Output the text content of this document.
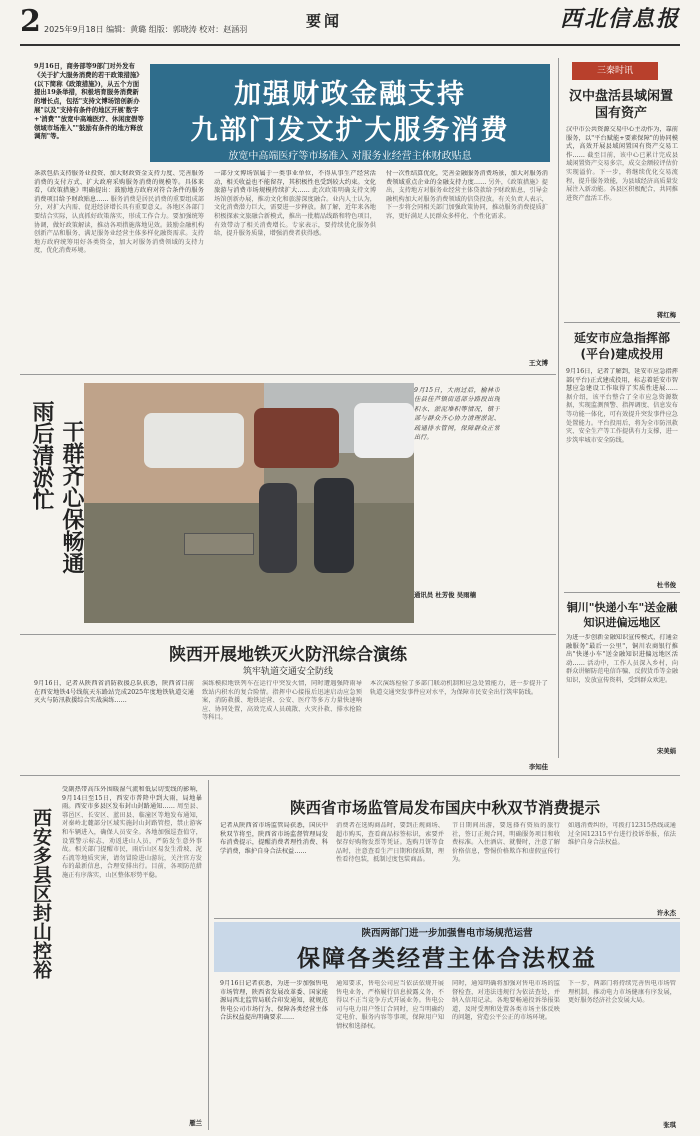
2 2025年9月18日 编辑：黄璐 组版：郭晓涛 校对：赵涵羽	要闻	西北信息报
9月16日，商务部等9部门对外发布《关于扩大服务消费的若干政策措施》(以下简称《政策措施》)，从五个方面提出19条举措，积极培育服务消费新的增长点，包括"支持文博场馆创新办展"以及"支持有条件的地区开展'数字+'消费""放宽中高端医疗、休闲度假等领域市场准入""鼓励有条件的地方释放调剂"等。
加强财政金融支持
九部门发文扩大服务消费
放宽中高端医疗等市场准入 对服务业经营主体财政贴息
条款包括支持服务业投资、加大财政资金支持力度、完善服务消费的支付方式、扩大政府采购服务消费的规模等。具体来看，《政策措施》明确提出：鼓励地方政府对符合条件的服务消费项目给予财政贴息…… 服务消费是居民消费的重要组成部分，对扩大内需、促进经济增长具有重要意义。各地区各部门要结合实际，认真抓好政策落实，形成工作合力。要加强统筹协调，做好政策解读，推动各项措施落地见效。鼓励金融机构创新产品和服务，满足服务业经营主体多样化融资需求。支持地方政府统筹用好各类资金，加大对服务消费领域的支持力度，优化消费环境。
一部分文博场馆属于一类事业单位，不得从事生产经营活动，相关收益也不能留存，其积极性也受到较大约束。文化旅游与消费市场规模持续扩大…… 此次政策明确支持文博场馆创新办展，推动文化和旅游深度融合。业内人士认为，文化消费潜力巨大，需要进一步释放。据了解，近年来各地积极探索文旅融合新模式，推出一批精品线路和特色项目，有效带动了相关消费增长。专家表示，要持续优化服务供给，提升服务质量，增强消费者获得感。
付一次性结算优化，完善金融服务消费场景，加大对服务消费领域重点企业的金融支持力度…… 另外，《政策措施》提出，支持地方对服务业经营主体贷款给予财政贴息，引导金融机构加大对服务消费领域的信贷投放。有关负责人表示，下一步将会同相关部门加强政策协同，推动服务消费提质扩容，更好满足人民群众多样化、个性化需求。
王文博
三秦时讯
汉中盘活县域闲置国有资产
汉中市公共资源交易中心主动作为，靠前服务，以"平台赋能+要素保障"的协同模式，高效开展县域闲置国有资产交易工作…… 截至目前，该中心已累计完成县域闲置资产交易多宗，成交金额较评估价实现溢价。下一步，将继续优化交易流程，提升服务效能，为县域经济高质量发展注入新动能。各县区积极配合，共同推进资产盘活工作。
蒋红梅
延安市应急指挥部(平台)建成投用
9月16日，记者了解到，延安市应急指挥部(平台)正式建成投用，标志着延安市智慧应急建设工作取得了实质性进展…… 据介绍，该平台整合了全市应急资源数据，实现监测预警、指挥调度、信息发布等功能一体化，可有效提升突发事件应急处置能力。平台投用后，将为全市防汛救灾、安全生产等工作提供有力支撑，进一步筑牢城市安全防线。
杜书俊
铜川"快递小车"送金融知识进偏远地区
为进一步创新金融知识宣传模式，打通金融服务"最后一公里"，铜川农商银行推出"快递小车"送金融知识进偏远地区活动…… 活动中，工作人员深入乡村，向群众讲解防范电信诈骗、反假货币等金融知识，发放宣传资料，受到群众欢迎。
宋美娟
雨后清淤忙 干群齐心保畅通
9月15日，大雨过后，榆林市佳县佳芦镇街道部分路段出现积水、淤泥堆积等情况，镇干部与群众齐心协力清理淤泥、疏通排水管网，保障群众正常出行。
通讯员 杜芳俊 吴雨楠
陕西开展地铁灭火防汛综合演练
筑牢轨道交通安全防线
9月16日，记者从陕西省消防救援总队获悉，陕西省目前在西安地铁4号线航天东路站完成2025年度地铁轨道交通灭火与防汛救援综合实战演练……
演练模拟地铁列车在运行中突发火情，同时遭遇强降雨导致站内积水的复合险情。指挥中心接报后迅速启动应急预案，消防救援、地铁运营、公安、医疗等多方力量快速响应、协同处置，高效完成人员疏散、火灾扑救、排水抢险等科目。
本次演练检验了多部门联动机制和应急处置能力，进一步提升了轨道交通突发事件应对水平，为保障市民安全出行筑牢防线。
李知佳
西安多县区封山控裕
受副热带高压外围暖湿气流和低层切变线的影响，9月14日至15日，西安市普降中到大雨，局地暴雨。西安市多县区发布封山封路通知…… 周至县、鄠邑区、长安区、蓝田县、临潼区等地发布通知，对秦岭北麓部分区域实施封山封路管控，禁止游客和车辆进入，确保人员安全。各地加强巡查值守，设置警示标志，劝返进山人员，严防发生意外事故。相关部门提醒市民，雨后山区易发生滑坡、泥石流等地质灾害，请勿冒险进山游玩，关注官方发布的最新信息，合理安排出行。目前，各项防范措施正有序落实，山区整体形势平稳。
雁兰
陕西省市场监管局发布国庆中秋双节消费提示
记者从陕西省市场监管局获悉，国庆中秋双节将至，陕西省市场监督管理局发布消费提示，提醒消费者理性消费、科学消费，维护自身合法权益……
消费者在选购商品时，要到正规商场、超市购买，查看商品标签标识，索要并保存好购物发票等凭证。选购月饼等食品时，注意查看生产日期和保质期，理性看待包装，抵制过度包装商品。
节日期间出游，要选择有资质的旅行社，签订正规合同，明确服务项目和收费标准。入住酒店、就餐时，注意了解价格信息，警惕价格欺诈和虚假宣传行为。
如遇消费纠纷，可拨打12315热线或通过全国12315平台进行投诉举报，依法维护自身合法权益。
许永杰
陕西两部门进一步加强售电市场规范运营
保障各类经营主体合法权益
9月16日记者获悉，为进一步加强售电市场管理，陕西省发展改革委、国家能源局西北监管局联合印发通知，就规范售电公司市场行为、保障各类经营主体合法权益提出明确要求……
通知要求，售电公司应当依法依规开展售电业务，严格履行信息披露义务，不得以不正当竞争方式开展业务。售电公司与电力用户签订合同时，应当明确约定电价、服务内容等事项，保障用户知情权和选择权。
同时，通知明确将加强对售电市场的监督检查，对违法违规行为依法查处，并纳入信用记录。各地要畅通投诉举报渠道，及时受理和处置各类市场主体反映的问题，营造公平公正的市场环境。
下一步，两部门将持续完善售电市场管理机制，推动电力市场健康有序发展，更好服务经济社会发展大局。
张琪
